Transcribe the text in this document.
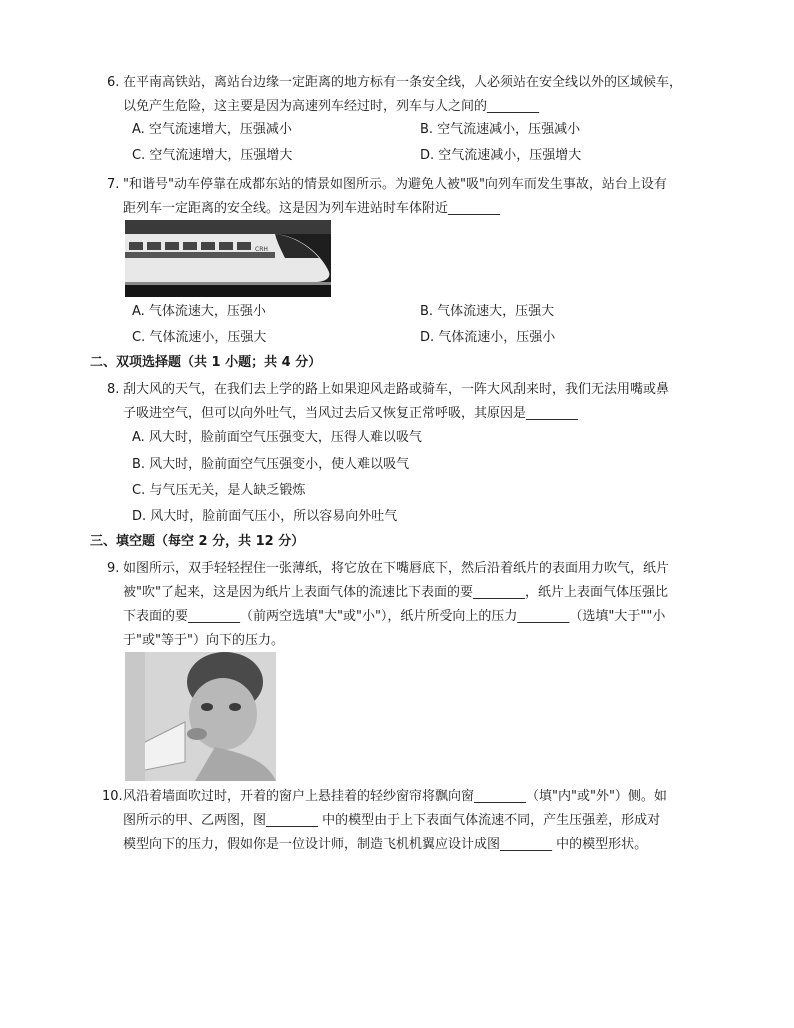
6. 在平南高铁站，离站台边缘一定距离的地方标有一条安全线，人必须站在安全线以外的区域候车，
以免产生危险，这主要是因为高速列车经过时，列车与人之间的________
A. 空气流速增大，压强减小	B. 空气流速减小，压强减小
C. 空气流速增大，压强增大	D. 空气流速减小，压强增大
7. "和谐号"动车停靠在成都东站的情景如图所示。为避免人被"吸"向列车而发生事故，站台上设有
距列车一定距离的安全线。这是因为列车进站时车体附近________
CRH
A. 气体流速大，压强小	B. 气体流速大，压强大
C. 气体流速小，压强大	D. 气体流速小，压强小
二、双项选择题（共 1 小题；共 4 分）
8. 刮大风的天气，在我们去上学的路上如果迎风走路或骑车，一阵大风刮来时，我们无法用嘴或鼻
子吸进空气，但可以向外吐气，当风过去后又恢复正常呼吸，其原因是________
A. 风大时，脸前面空气压强变大，压得人难以吸气
B. 风大时，脸前面空气压强变小，使人难以吸气
C. 与气压无关，是人缺乏锻炼
D. 风大时，脸前面气压小，所以容易向外吐气
三、填空题（每空 2 分，共 12 分）
9. 如图所示，双手轻轻捏住一张薄纸，将它放在下嘴唇底下，然后沿着纸片的表面用力吹气，纸片
被"吹"了起来，这是因为纸片上表面气体的流速比下表面的要________，纸片上表面气体压强比
下表面的要________（前两空选填"大"或"小"），纸片所受向上的压力________（选填"大于""小
于"或"等于"）向下的压力。
10. 风沿着墙面吹过时，开着的窗户上悬挂着的轻纱窗帘将飘向窗________（填"内"或"外"）侧。如
图所示的甲、乙两图，图________ 中的模型由于上下表面气体流速不同，产生压强差，形成对
模型向下的压力，假如你是一位设计师，制造飞机机翼应设计成图________ 中的模型形状。
